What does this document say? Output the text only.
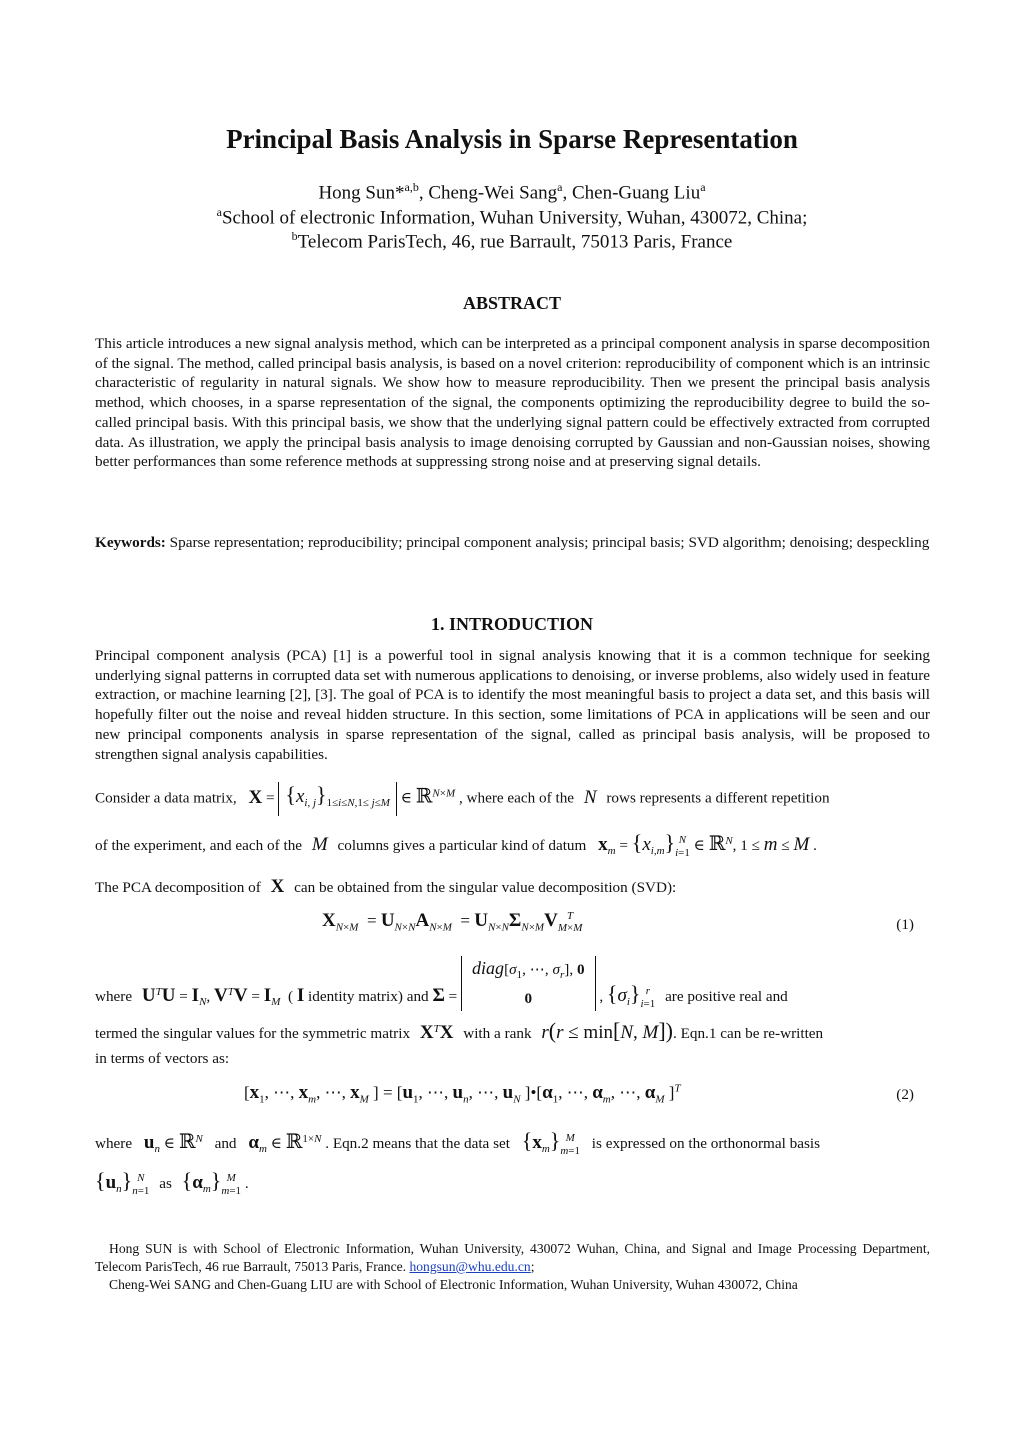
Principal Basis Analysis in Sparse Representation
Hong Sun*$^{a,b}$, Cheng-Wei Sang$^a$, Chen-Guang Liu$^a$
$^a$School of electronic Information, Wuhan University, Wuhan, 430072, China;
$^b$Telecom ParisTech, 46, rue Barrault, 75013 Paris, France
ABSTRACT
This article introduces a new signal analysis method, which can be interpreted as a principal component analysis in sparse decomposition of the signal. The method, called principal basis analysis, is based on a novel criterion: reproducibility of component which is an intrinsic characteristic of regularity in natural signals. We show how to measure reproducibility. Then we present the principal basis analysis method, which chooses, in a sparse representation of the signal, the components optimizing the reproducibility degree to build the so-called principal basis. With this principal basis, we show that the underlying signal pattern could be effectively extracted from corrupted data. As illustration, we apply the principal basis analysis to image denoising corrupted by Gaussian and non-Gaussian noises, showing better performances than some reference methods at suppressing strong noise and at preserving signal details.
Keywords: Sparse representation; reproducibility; principal component analysis; principal basis; SVD algorithm; denoising; despeckling
1. INTRODUCTION
Principal component analysis (PCA) [1] is a powerful tool in signal analysis knowing that it is a common technique for seeking underlying signal patterns in corrupted data set with numerous applications to denoising, or inverse problems, also widely used in feature extraction, or machine learning [2], [3]. The goal of PCA is to identify the most meaningful basis to project a data set, and this basis will hopefully filter out the noise and reveal hidden structure. In this section, some limitations of PCA in applications will be seen and our new principal components analysis in sparse representation of the signal, called as principal basis analysis, will be proposed to strengthen signal analysis capabilities.
Consider a data matrix, $X = \{x_{i, j}\}_{1\le i\le N,1\le j\le M}$ ∈ ℝ$^{N\times M}$ , where each of the N rows represents a different repetition
of the experiment, and each of the M columns gives a particular kind of datum $x_m = \{x_{i,m}\}$ N
i=1 ∈ ℝ$^N$, 1 ≤ m ≤ M .
The PCA decomposition of X can be obtained from the singular value decomposition (SVD):
$X_{N\times M} = U_{N\times N}A_{N\times M} = U_{N\times N}\Sigma_{N\times M}V$ T
M×M	(1)
where $U^TU = I_N$, $V^TV = I_M$  ( I identity matrix) and $\Sigma = diag[\sigma_1$, ⋯, $\sigma_r$], 0
0	, $\{\sigma_i\}$ r
i=1 are positive real and
termed the singular values for the symmetric matrix $X^TX$ with a rank r(r ≤ min[N, M]). Eqn.1 can be re-written
in terms of vectors as:
[$x_1$, ⋯, $x_m$, ⋯, $x_M$ ] = [$u_1$, ⋯, $u_n$, ⋯, $u_N$ ]$•[\alpha_1$, ⋯, $\alpha_m$, ⋯, $\alpha_M$ ]$^T$	(2)
where $u_n$ ∈ ℝ$^N$ and $\alpha_m$ ∈ ℝ$^{1\times N}$ . Eqn.2 means that the data set $\{x_m\}$ M
m=1 is expressed on the orthonormal basis
$\{u_n\}$ N
n=1 as $\{\alpha_m\}$ M
m=1 .
Hong SUN is with School of Electronic Information, Wuhan University, 430072 Wuhan, China, and Signal and Image Processing Department, Telecom ParisTech, 46 rue Barrault, 75013 Paris, France. hongsun@whu.edu.cn;
Cheng-Wei SANG and Chen-Guang LIU are with School of Electronic Information, Wuhan University, Wuhan 430072, China
